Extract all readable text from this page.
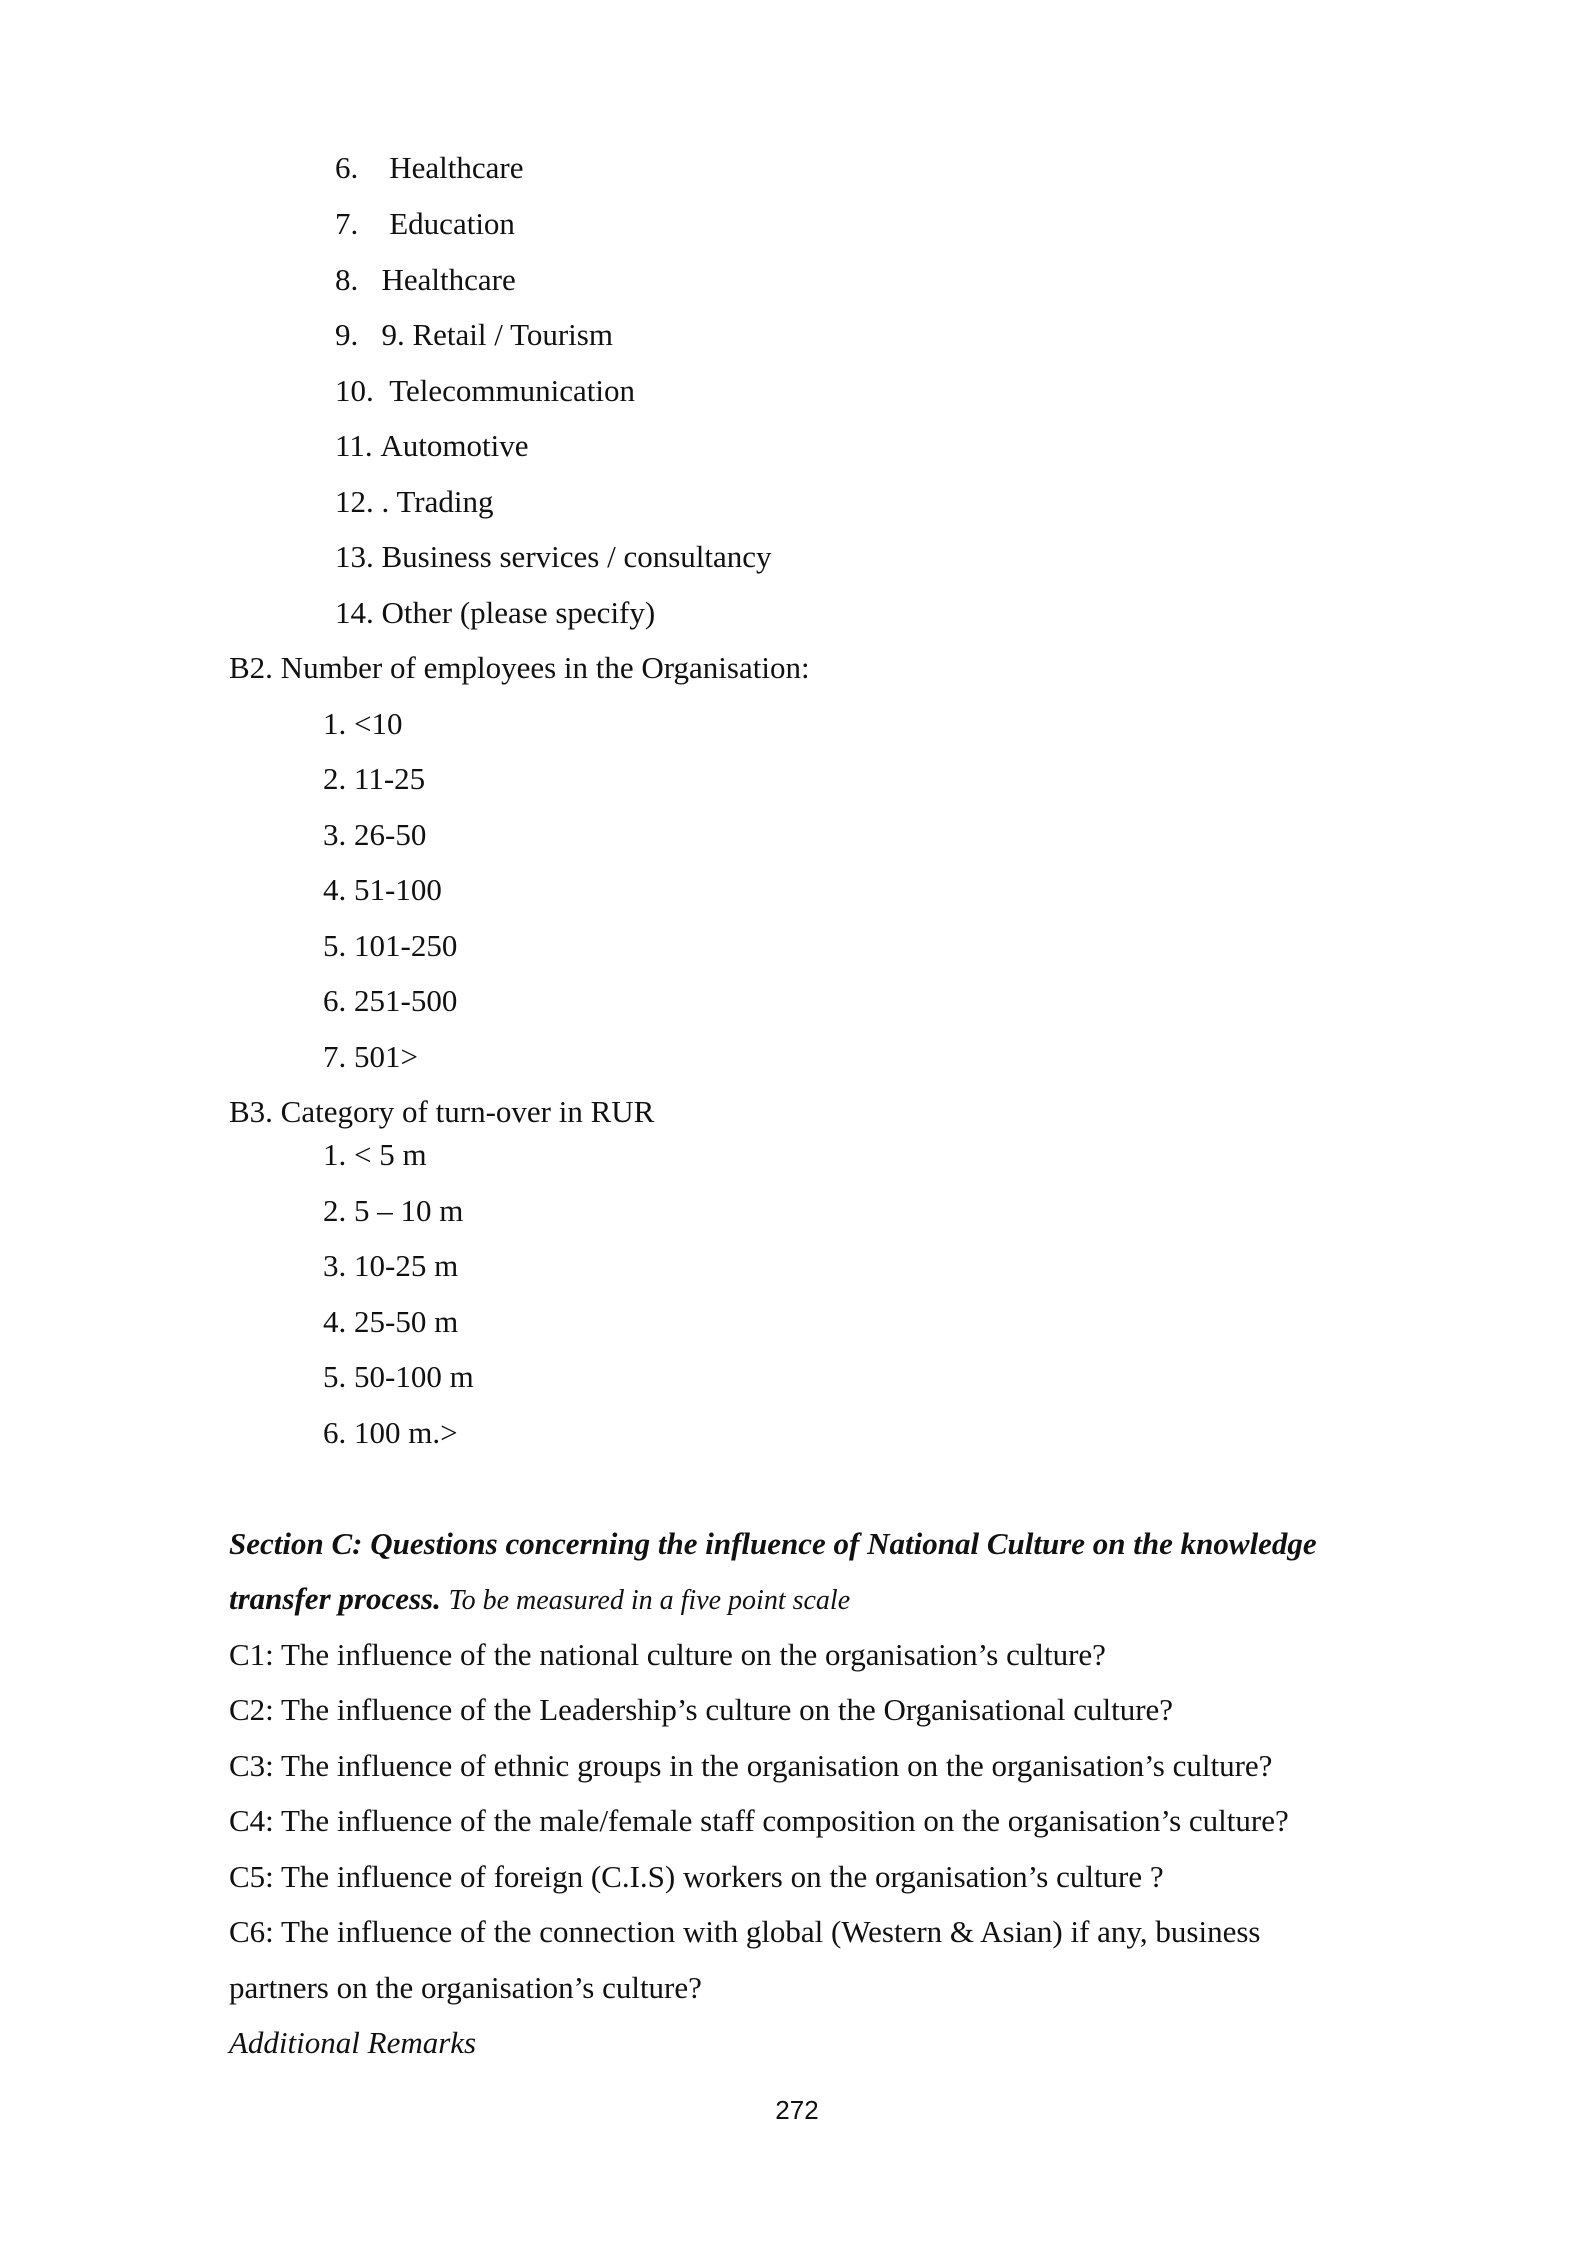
6. Healthcare
7. Education
8. Healthcare
9. 9. Retail / Tourism
10. Telecommunication
11. Automotive
12. . Trading
13. Business services / consultancy
14. Other (please specify)
B2. Number of employees in the Organisation:
1. <10
2. 11-25
3. 26-50
4. 51-100
5. 101-250
6. 251-500
7. 501>
B3. Category of turn-over in RUR
1. < 5 m
2. 5 – 10 m
3. 10-25 m
4. 25-50 m
5. 50-100 m
6. 100 m.>
Section C: Questions concerning the influence of National Culture on the knowledge
transfer process. To be measured in a five point scale
C1: The influence of the national culture on the organisation’s culture?
C2: The influence of the Leadership’s culture on the Organisational culture?
C3: The influence of ethnic groups in the organisation on the organisation’s culture?
C4: The influence of the male/female staff composition on the organisation’s culture?
C5: The influence of foreign (C.I.S) workers on the organisation’s culture ?
C6: The influence of the connection with global (Western & Asian) if any, business
partners on the organisation’s culture?
Additional Remarks
272
